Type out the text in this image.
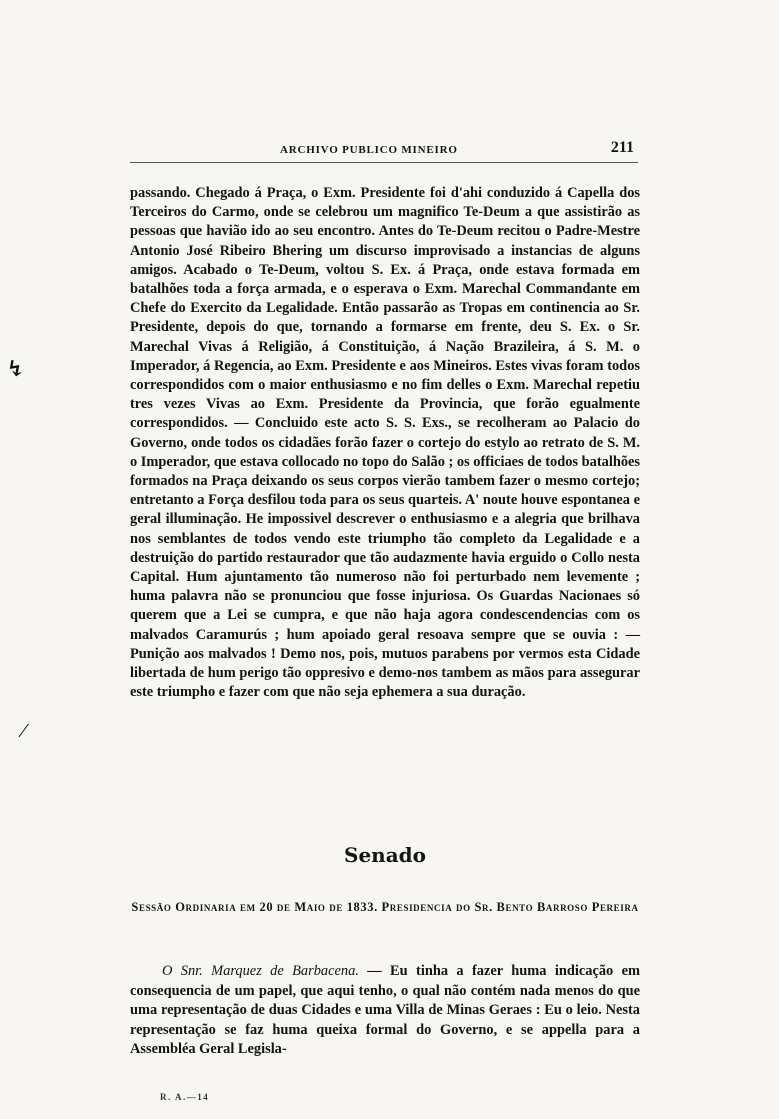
ARCHIVO PUBLICO MINEIRO	211

passando. Chegado á Praça, o Exm. Presidente foi d'ahi conduzido á Capella dos Terceiros do Carmo, onde se celebrou um magnifico Te-Deum a que assistirão as pessoas que havião ido ao seu encontro. Antes do Te-Deum recitou o Padre-Mestre Antonio José Ribeiro Bhering um discurso improvisado a instancias de alguns amigos. Acabado o Te-Deum, voltou S. Ex. á Praça, onde estava formada em batalhões toda a força armada, e o esperava o Exm. Marechal Commandante em Chefe do Exercito da Legalidade. Então passarão as Tropas em continencia ao Sr. Presidente, depois do que, tornando a formarse em frente, deu S. Ex. o Sr. Marechal Vivas á Religião, á Constituição, á Nação Brazileira, á S. M. o Imperador, á Regencia, ao Exm. Presidente e aos Mineiros. Estes vivas foram todos correspondidos com o maior enthusiasmo e no fim delles o Exm. Marechal repetiu tres vezes Vivas ao Exm. Presidente da Provincia, que forão egualmente correspondidos. — Concluido este acto S. S. Exs., se recolheram ao Palacio do Governo, onde todos os cidadães forão fazer o cortejo do estylo ao retrato de S. M. o Imperador, que estava collocado no topo do Salão ; os officiaes de todos batalhões formados na Praça deixando os seus corpos vierão tambem fazer o mesmo cortejo; entretanto a Força desfilou toda para os seus quarteis. A' noute houve espontanea e geral illuminação. He impossivel descrever o enthusiasmo e a alegria que brilhava nos semblantes de todos vendo este triumpho tão completo da Legalidade e a destruição do partido restaurador que tão audazmente havia erguido o Collo nesta Capital. Hum ajuntamento tão numeroso não foi perturbado nem levemente ; huma palavra não se pronunciou que fosse injuriosa. Os Guardas Nacionaes só querem que a Lei se cumpra, e que não haja agora condescendencias com os malvados Caramurús ; hum apoiado geral resoava sempre que se ouvia : — Punição aos malvados ! Demo nos, pois, mutuos parabens por vermos esta Cidade libertada de hum perigo tão oppresivo e demo-nos tambem as mãos para assegurar este triumpho e fazer com que não seja ephemera a sua duração.

Senado
Sessão Ordinaria em 20 de Maio de 1833. Presidencia do Sr. Bento Barroso Pereira

O Snr. Marquez de Barbacena. — Eu tinha a fazer huma indicação em consequencia de um papel, que aqui tenho, o qual não contém nada menos do que uma representação de duas Cidades e uma Villa de Minas Geraes : Eu o leio. Nesta representação se faz huma queixa formal do Governo, e se appella para a Assembléa Geral Legisla-

R. A.—14
↯
⁄
